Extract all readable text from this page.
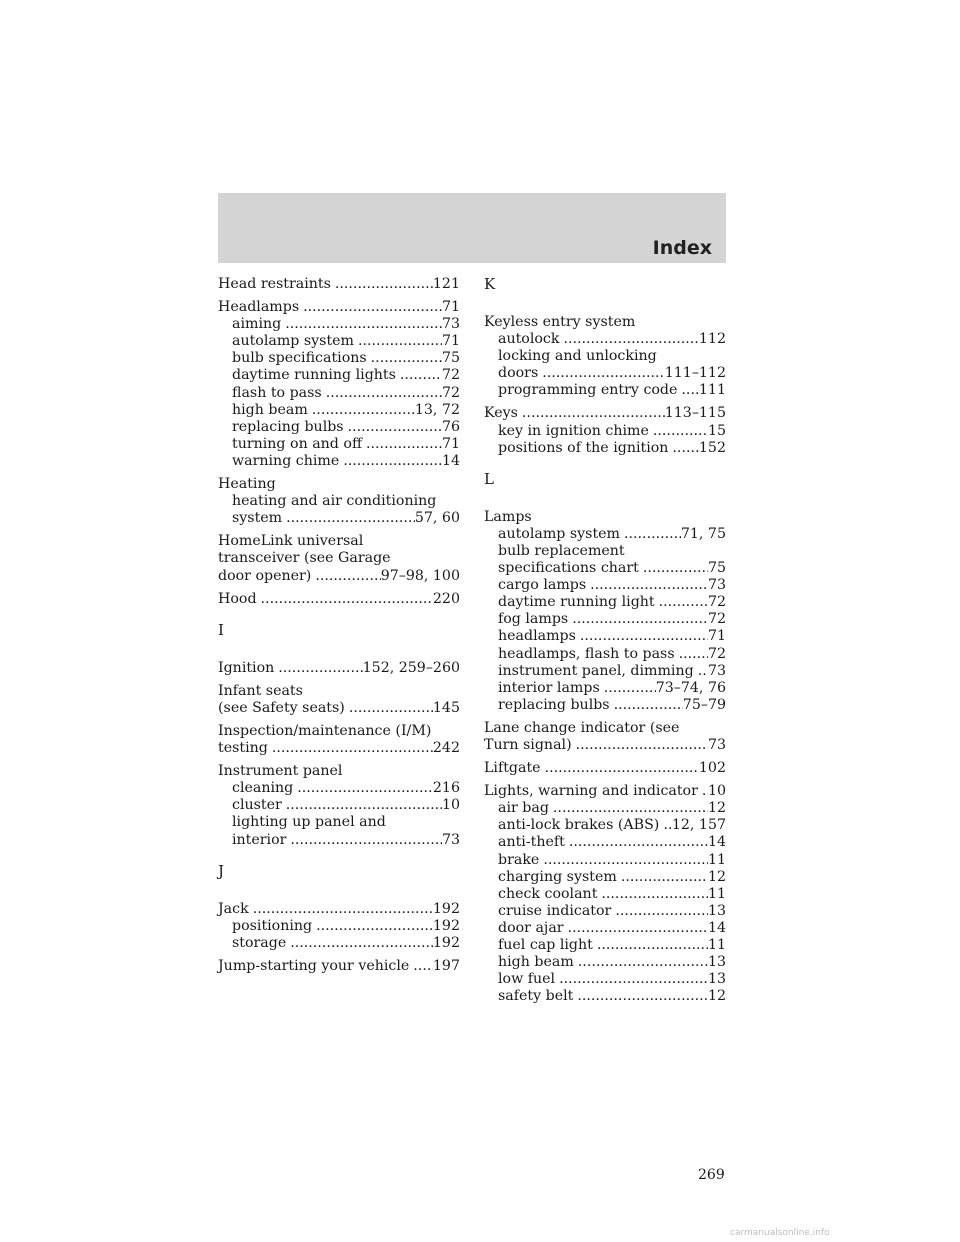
Index
Head restraints .....	121
Headlamps .....	71
aiming .....	73
autolamp system .....	71
bulb specifications .....	75
daytime running lights .....	72
flash to pass .....	72
high beam .....	13, 72
replacing bulbs .....	76
turning on and off .....	71
warning chime .....	14
Heating
heating and air conditioning
system .....	57, 60
HomeLink universal
transceiver (see Garage
door opener) .....	97–98, 100
Hood .....	220
I
Ignition .....	152, 259–260
Infant seats
(see Safety seats) .....	145
Inspection/maintenance (I/M)
testing .....	242
Instrument panel
cleaning .....	216
cluster .....	10
lighting up panel and
interior .....	73
J
Jack .....	192
positioning .....	192
storage .....	192
Jump-starting your vehicle ..... 197
K
Keyless entry system
autolock .....	112
locking and unlocking
doors .....	111–112
programming entry code ..... 111
Keys .....	113–115
key in ignition chime .....	15
positions of the ignition ..... 152
L
Lamps
autolamp system .....	71, 75
bulb replacement
specifications chart .....	75
cargo lamps .....	73
daytime running light .....	72
fog lamps .....	72
headlamps .....	71
headlamps, flash to pass ..... 72
instrument panel, dimming ..... 73
interior lamps .....	73–74, 76
replacing bulbs .....	75–79
Lane change indicator (see
Turn signal) .....	73
Liftgate .....	102
Lights, warning and indicator ..... 10
air bag .....	12
anti-lock brakes (ABS) ..... 12, 157
anti-theft .....	14
brake .....	11
charging system .....	12
check coolant .....	11
cruise indicator .....	13
door ajar .....	14
fuel cap light .....	11
high beam .....	13
low fuel .....	13
safety belt .....	12
269
carmanualsonline.info
